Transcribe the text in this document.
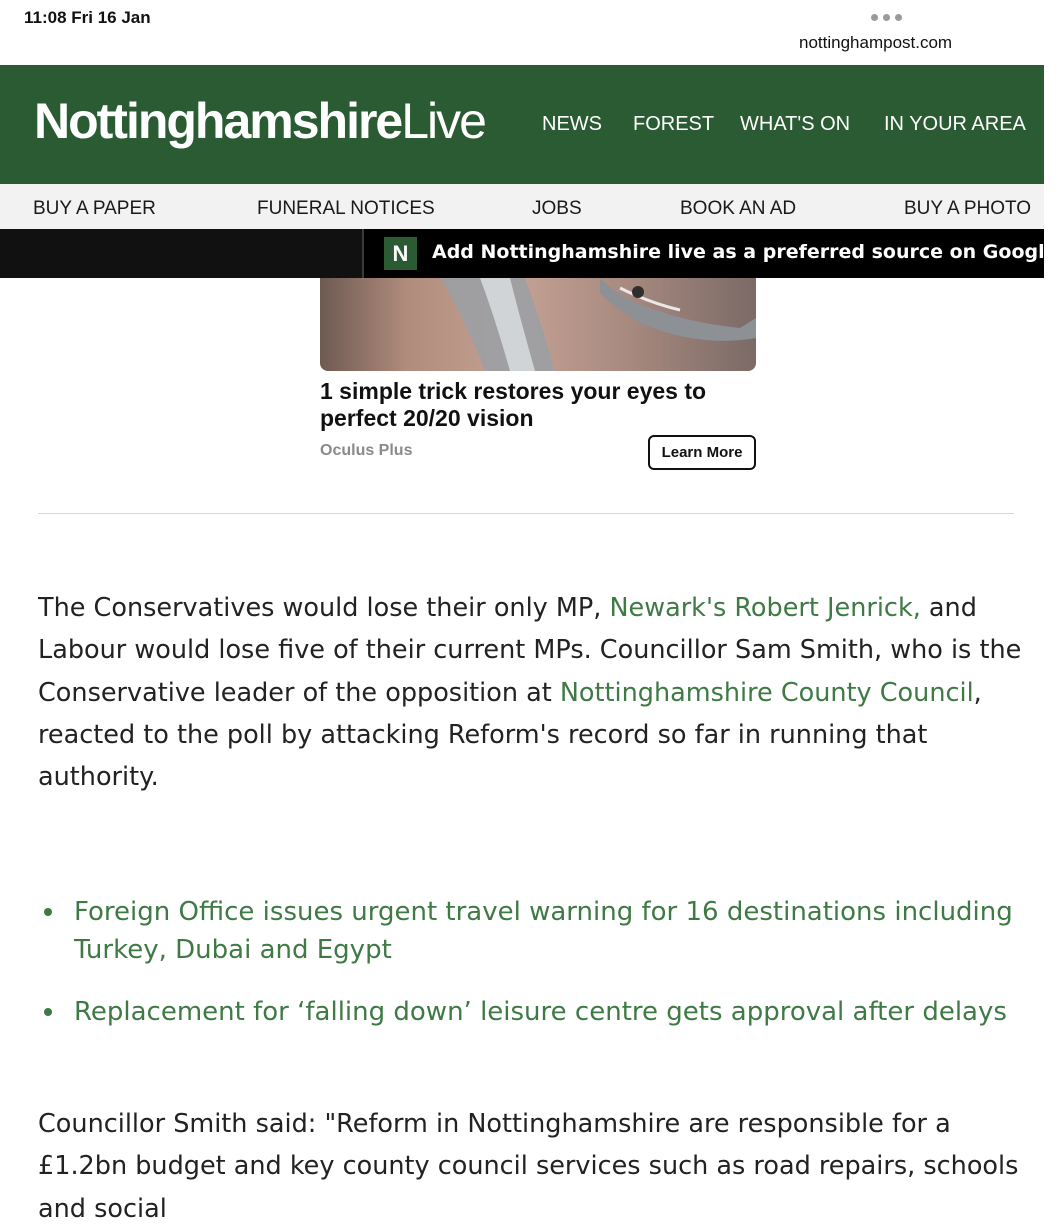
11:08 Fri 16 Jan
nottinghampost.com
NottinghamshireLive	NEWS FOREST WHAT'S ON IN YOUR AREA
BUY A PAPER	FUNERAL NOTICES	JOBS	BOOK AN AD	BUY A PHOTO
N	Add Nottinghamshire live as a preferred source on Google
1 simple trick restores your eyes to perfect 20/20 vision
Oculus Plus	Learn More

The Conservatives would lose their only MP, Newark's Robert Jenrick, and Labour would lose five of their current MPs. Councillor Sam Smith, who is the Conservative leader of the opposition at Nottinghamshire County Council, reacted to the poll by attacking Reform's record so far in running that authority.

Foreign Office issues urgent travel warning for 16 destinations including Turkey, Dubai and Egypt
Replacement for ‘falling down’ leisure centre gets approval after delays

Councillor Smith said: "Reform in Nottinghamshire are responsible for a £1.2bn budget and key county council services such as road repairs, schools and social
